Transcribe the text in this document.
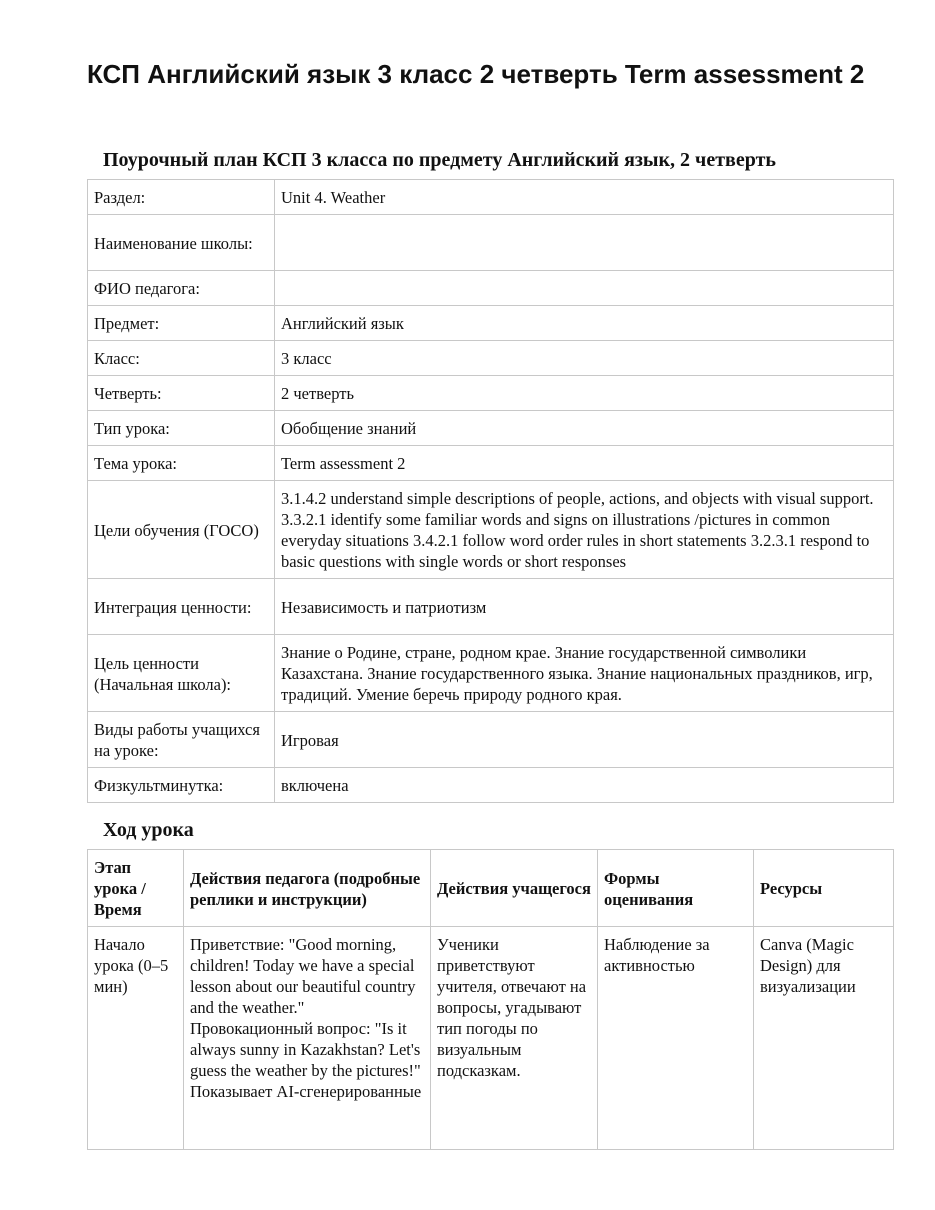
КСП Английский язык 3 класс 2 четверть Term assessment 2
Поурочный план КСП 3 класса по предмету Английский язык, 2 четверть
Раздел:	Unit 4. Weather
Наименование школы:	
ФИО педагога:	
Предмет:	Английский язык
Класс:	3 класс
Четверть:	2 четверть
Тип урока:	Обобщение знаний
Тема урока:	Term assessment 2
Цели обучения (ГОСО)	3.1.4.2 understand simple descriptions of people, actions, and objects with visual support. 3.3.2.1 identify some familiar words and signs on illustrations /pictures in common everyday situations 3.4.2.1 follow word order rules in short statements 3.2.3.1 respond to basic questions with single words or short responses
Интеграция ценности:	Независимость и патриотизм
Цель ценности (Начальная школа):	Знание о Родине, стране, родном крае. Знание государственной символики Казахстана. Знание государственного языка. Знание национальных праздников, игр, традиций. Умение беречь природу родного края.
Виды работы учащихся на уроке:	Игровая
Физкультминутка:	включена
Ход урока
Этап урока / Время	Действия педагога (подробные реплики и инструкции)	Действия учащегося	Формы оценивания	Ресурсы
Начало урока (0–5 мин)	Приветствие: "Good morning, children! Today we have a special lesson about our beautiful country and the weather." Провокационный вопрос: "Is it always sunny in Kazakhstan? Let's guess the weather by the pictures!" Показывает AI-сгенерированные	Ученики приветствуют учителя, отвечают на вопросы, угадывают тип погоды по визуальным подсказкам.	Наблюдение за активностью	Canva (Magic Design) для визуализации
